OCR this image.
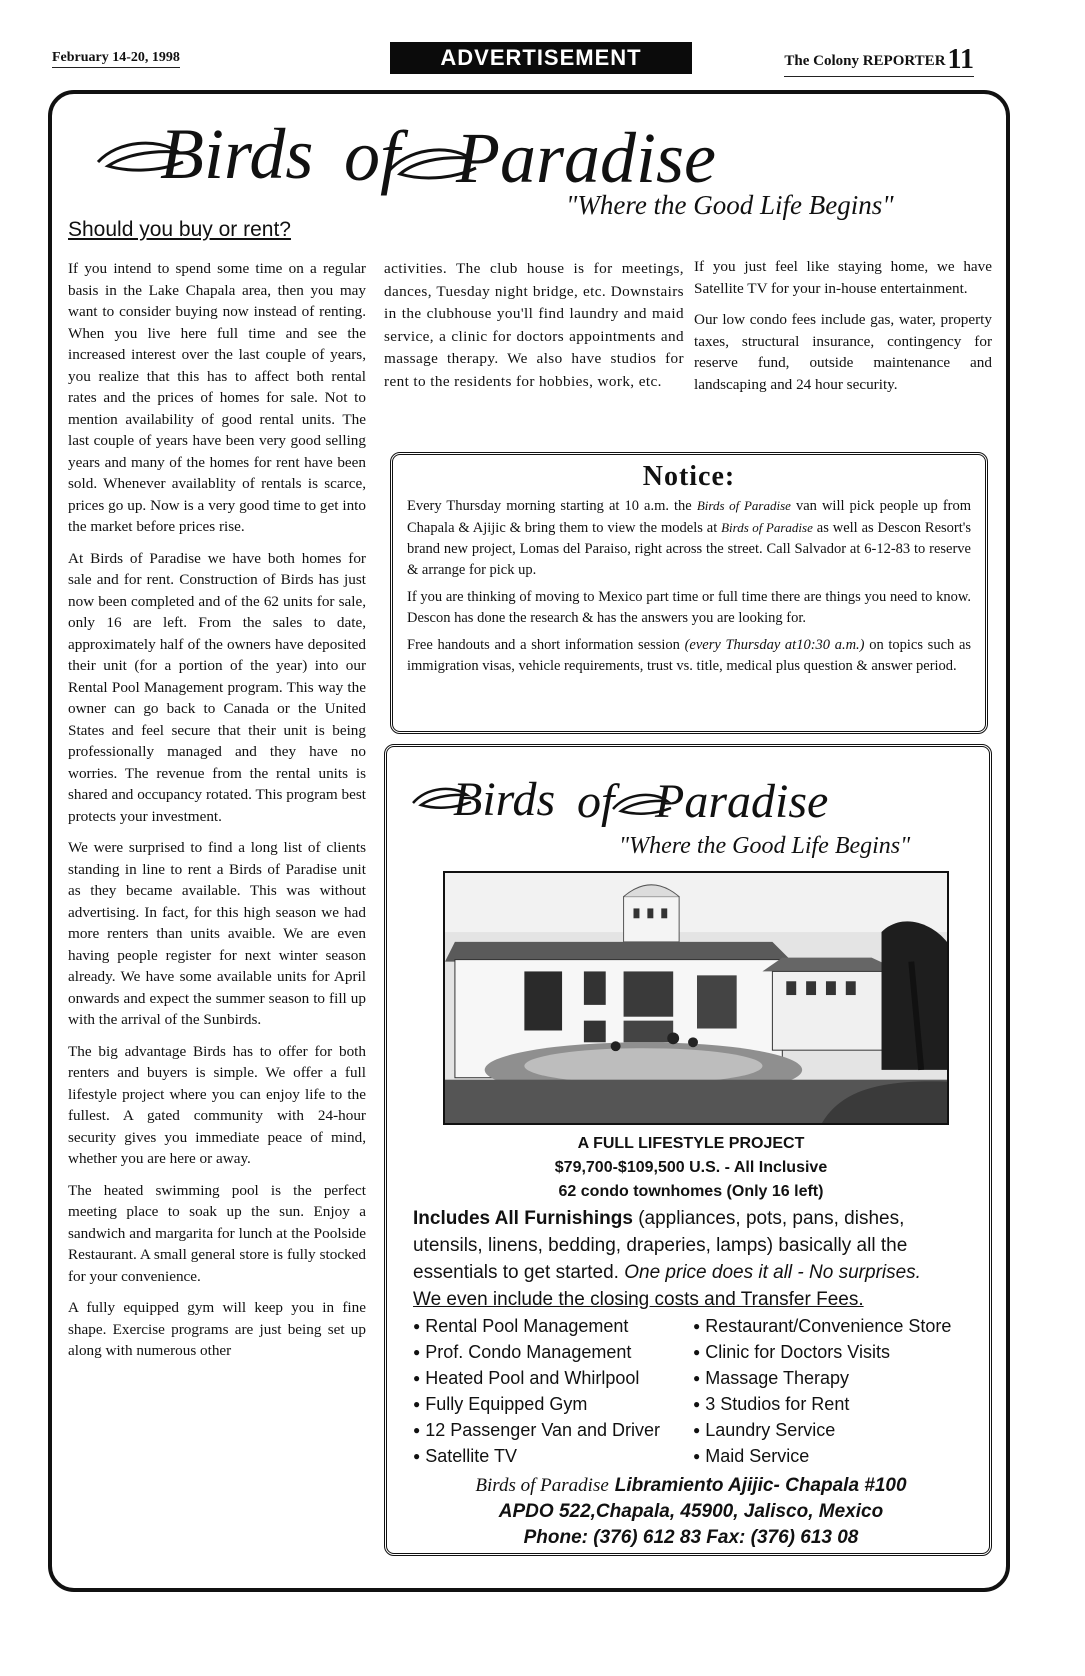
February 14-20, 1998	ADVERTISEMENT	The Colony REPORTER11
Birds of Paradise
"Where the Good Life Begins"
Should you buy or rent?

If you intend to spend some time on a regular basis in the Lake Chapala area, then you may want to consider buying now instead of renting. When you live here full time and see the increased interest over the last couple of years, you realize that this has to affect both rental rates and the prices of homes for sale. Not to mention availability of good rental units. The last couple of years have been very good selling years and many of the homes for rent have been sold. Whenever availablity of rentals is scarce, prices go up. Now is a very good time to get into the market before prices rise.

At Birds of Paradise we have both homes for sale and for rent. Construction of Birds has just now been completed and of the 62 units for sale, only 16 are left. From the sales to date, approximately half of the owners have deposited their unit (for a portion of the year) into our Rental Pool Management program. This way the owner can go back to Canada or the United States and feel secure that their unit is being professionally managed and they have no worries. The revenue from the rental units is shared and occupancy rotated. This program best protects your investment.

We were surprised to find a long list of clients standing in line to rent a Birds of Paradise unit as they became available. This was without advertising. In fact, for this high season we had more renters than units avaible. We are even having people register for next winter season already. We have some available units for April onwards and expect the summer season to fill up with the arrival of the Sunbirds.

The big advantage Birds has to offer for both renters and buyers is simple. We offer a full lifestyle project where you can enjoy life to the fullest. A gated community with 24-hour security gives you immediate peace of mind, whether you are here or away.

The heated swimming pool is the perfect meeting place to soak up the sun. Enjoy a sandwich and margarita for lunch at the Poolside Restaurant. A small general store is fully stocked for your convenience.

A fully equipped gym will keep you in fine shape. Exercise programs are just being set up along with numerous other

activities. The club house is for meetings, dances, Tuesday night bridge, etc. Downstairs in the clubhouse you'll find laundry and maid service, a clinic for doctors appointments and massage therapy. We also have studios for rent to the residents for hobbies, work, etc.

If you just feel like staying home, we have Satellite TV for your in-house entertainment.

Our low condo fees include gas, water, property taxes, structural insurance, contingency for reserve fund, outside maintenance and landscaping and 24 hour security.

Notice:

Every Thursday morning starting at 10 a.m. the Birds of Paradise van will pick people up from Chapala & Ajijic & bring them to view the models at Birds of Paradise as well as Descon Resort's brand new project, Lomas del Paraiso, right across the street. Call Salvador at 6-12-83 to reserve & arrange for pick up.

If you are thinking of moving to Mexico part time or full time there are things you need to know. Descon has done the research & has the answers you are looking for.

Free handouts and a short information session (every Thursday at10:30 a.m.) on topics such as immigration visas, vehicle requirements, trust vs. title, medical plus question & answer period.

Birds of Paradise
"Where the Good Life Begins"
A FULL LIFESTYLE PROJECT
$79,700-$109,500 U.S. - All Inclusive
62 condo townhomes (Only 16 left)
Includes All Furnishings (appliances, pots, pans, dishes, utensils, linens, bedding, draperies, lamps) basically all the essentials to get started. One price does it all - No surprises.
We even include the closing costs and Transfer Fees.
● Rental Pool Management
● Prof. Condo Management
● Heated Pool and Whirlpool
● Fully Equipped Gym
● 12 Passenger Van and Driver
● Satellite TV
● Restaurant/Convenience Store
● Clinic for Doctors Visits
● Massage Therapy
● 3 Studios for Rent
● Laundry Service
● Maid Service
Birds of Paradise Libramiento Ajijic- Chapala #100
APDO 522,Chapala, 45900, Jalisco, Mexico
Phone: (376) 612 83 Fax: (376) 613 08
